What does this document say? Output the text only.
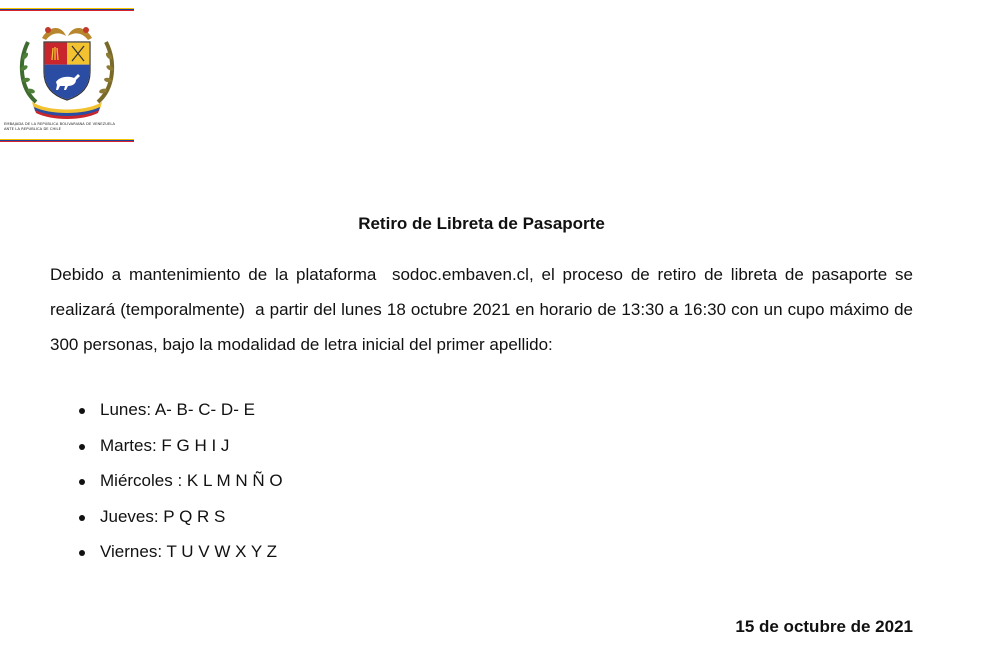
EMBAJADA DE LA REPÚBLICA BOLIVARIANA DE VENEZUELA
ANTE LA REPÚBLICA DE CHILE
Retiro de Libreta de Pasaporte
Debido a mantenimiento de la plataforma  sodoc.embaven.cl, el proceso de retiro de libreta de pasaporte se realizará (temporalmente)  a partir del lunes 18 octubre 2021 en horario de 13:30 a 16:30 con un cupo máximo de 300 personas, bajo la modalidad de letra inicial del primer apellido:
Lunes: A- B- C- D- E
Martes: F G H I J
Miércoles : K L M N Ñ O
Jueves: P Q R S
Viernes: T U V W X Y Z
15 de octubre de 2021
